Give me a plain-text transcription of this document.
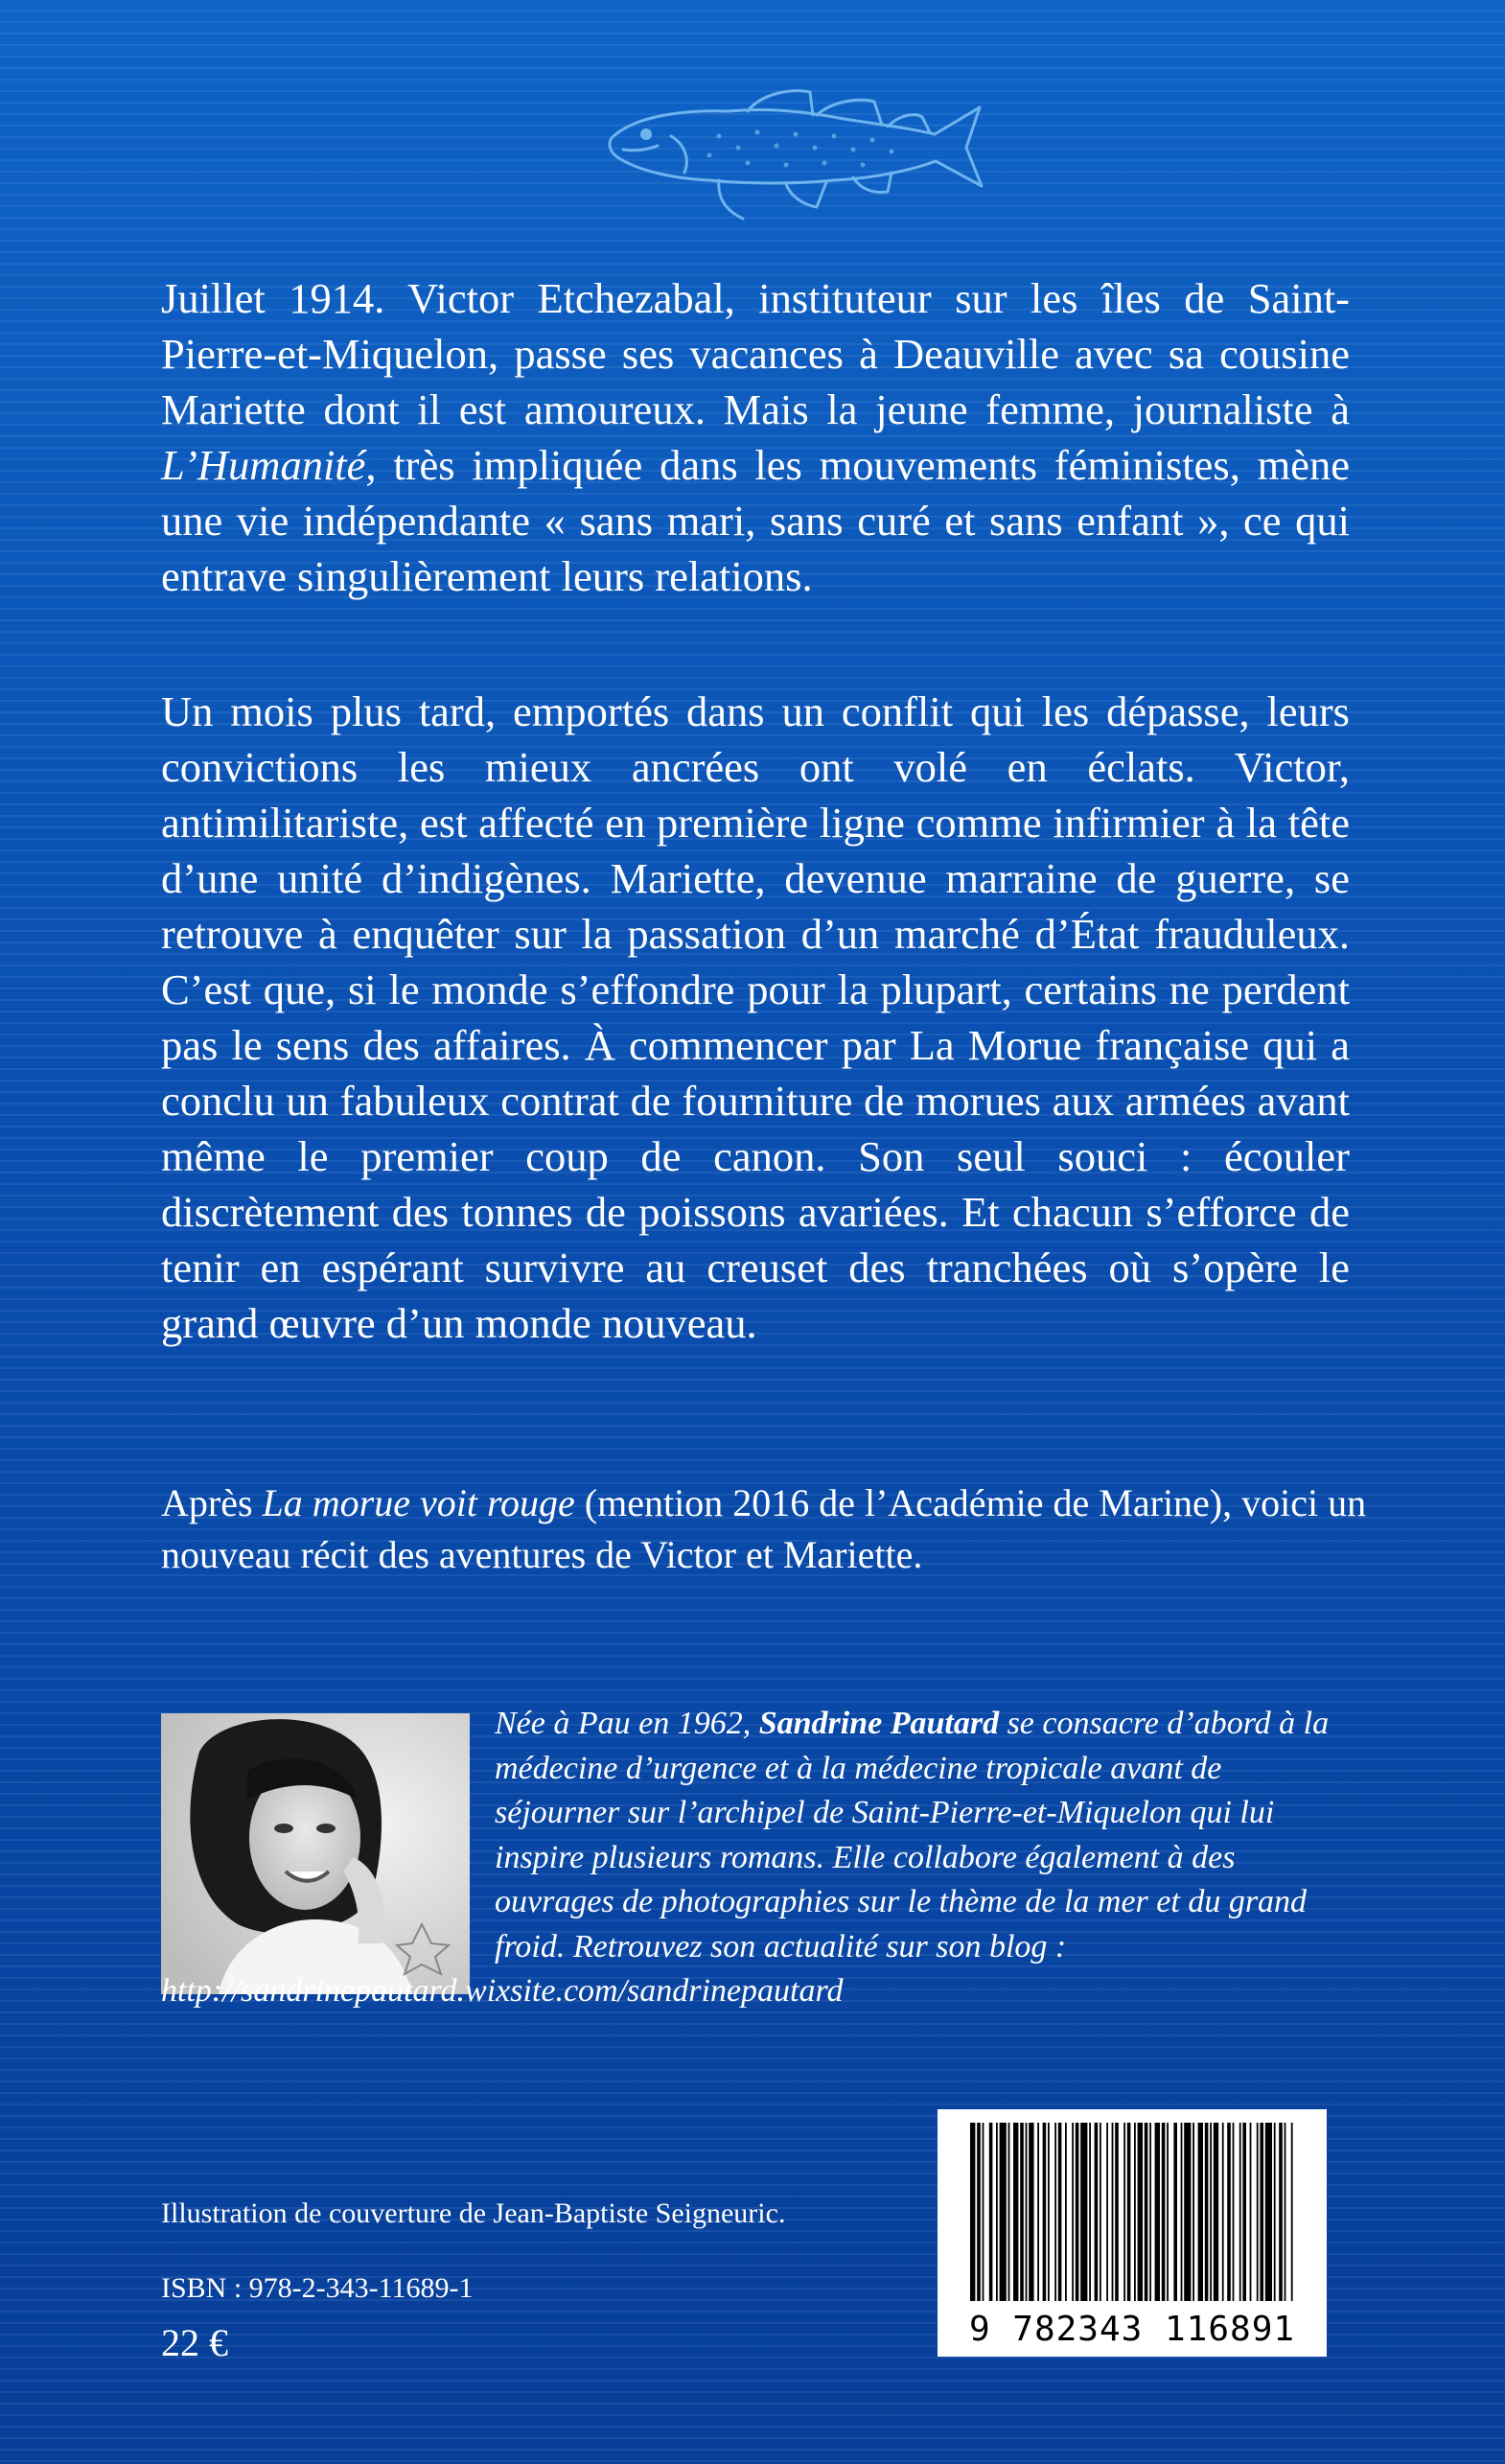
Juillet 1914. Victor Etchezabal, instituteur sur les îles de Saint-Pierre-et-Miquelon, passe ses vacances à Deauville avec sa cousine Mariette dont il est amoureux. Mais la jeune femme, journaliste à L’Humanité, très impliquée dans les mouvements féministes, mène une vie indépendante « sans mari, sans curé et sans enfant », ce qui entrave singulièrement leurs relations.

Un mois plus tard, emportés dans un conflit qui les dépasse, leurs convictions les mieux ancrées ont volé en éclats. Victor, antimilitariste, est affecté en première ligne comme infirmier à la tête d’une unité d’indigènes. Mariette, devenue marraine de guerre, se retrouve à enquêter sur la passation d’un marché d’État frauduleux. C’est que, si le monde s’effondre pour la plupart, certains ne perdent pas le sens des affaires. À commencer par La Morue française qui a conclu un fabuleux contrat de fourniture de morues aux armées avant même le premier coup de canon. Son seul souci : écouler discrètement des tonnes de poissons avariées. Et chacun s’efforce de tenir en espérant survivre au creuset des tranchées où s’opère le grand œuvre d’un monde nouveau.

Après La morue voit rouge (mention 2016 de l’Académie de Marine), voici un nouveau récit des aventures de Victor et Mariette.

Née à Pau en 1962, Sandrine Pautard se consacre d’abord à la médecine d’urgence et à la médecine tropicale avant de séjourner sur l’archipel de Saint-Pierre-et-Miquelon qui lui inspire plusieurs romans. Elle collabore également à des ouvrages de photographies sur le thème de la mer et du grand froid. Retrouvez son actualité sur son blog : http://sandrinepautard.wixsite.com/sandrinepautard

9 782343 116891
Illustration de couverture de Jean-Baptiste Seigneuric.
ISBN : 978-2-343-11689-1
22 €
